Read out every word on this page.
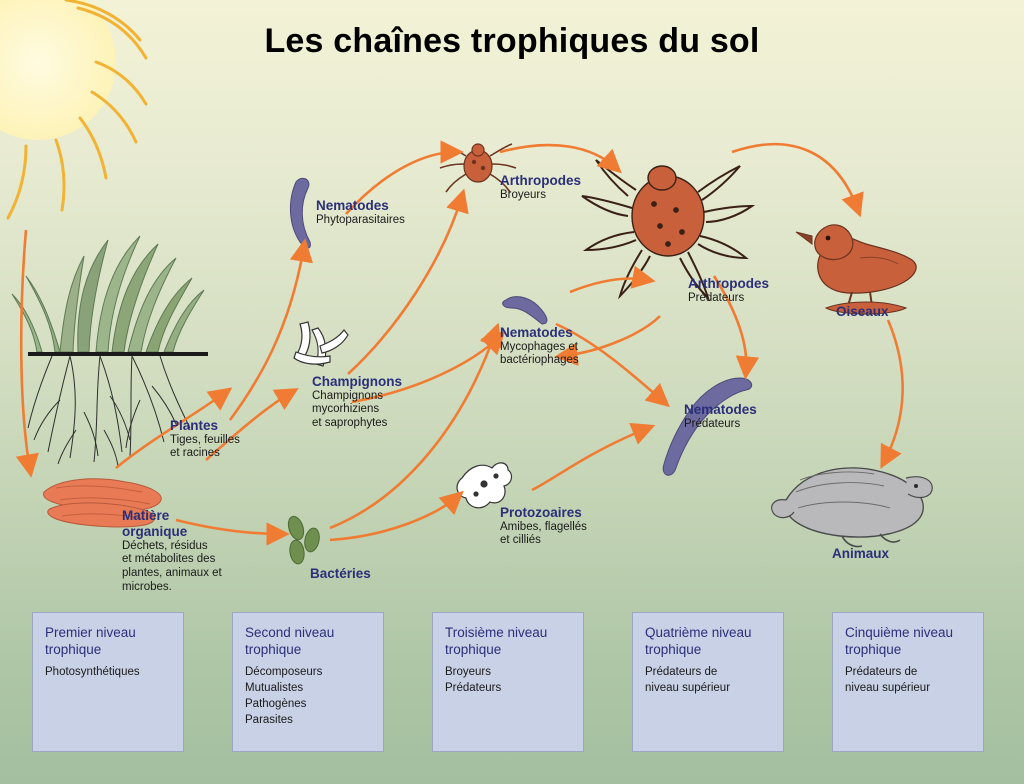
Les chaînes trophiques du sol
Plantes
Tiges, feuilles
et racines
Matière
organique
Déchets, résidus
et métabolites des
plantes, animaux et
microbes.
Bactéries
Champignons
Champignons
mycorhiziens
et saprophytes
Nematodes
Phytoparasitaires
Nematodes
Mycophages et
bactériophages
Nematodes
Prédateurs
Protozoaires
Amibes, flagellés
et cilliés
Arthropodes
Broyeurs
Arthropodes
Prédateurs
Oiseaux
Animaux
Premier niveau
trophique
Photosynthétiques
Second niveau
trophique
Décomposeurs
Mutualistes
Pathogènes
Parasites
Troisième niveau
trophique
Broyeurs
Prédateurs
Quatrième niveau
trophique
Prédateurs de
niveau supérieur
Cinquième niveau
trophique
Prédateurs de
niveau supérieur
